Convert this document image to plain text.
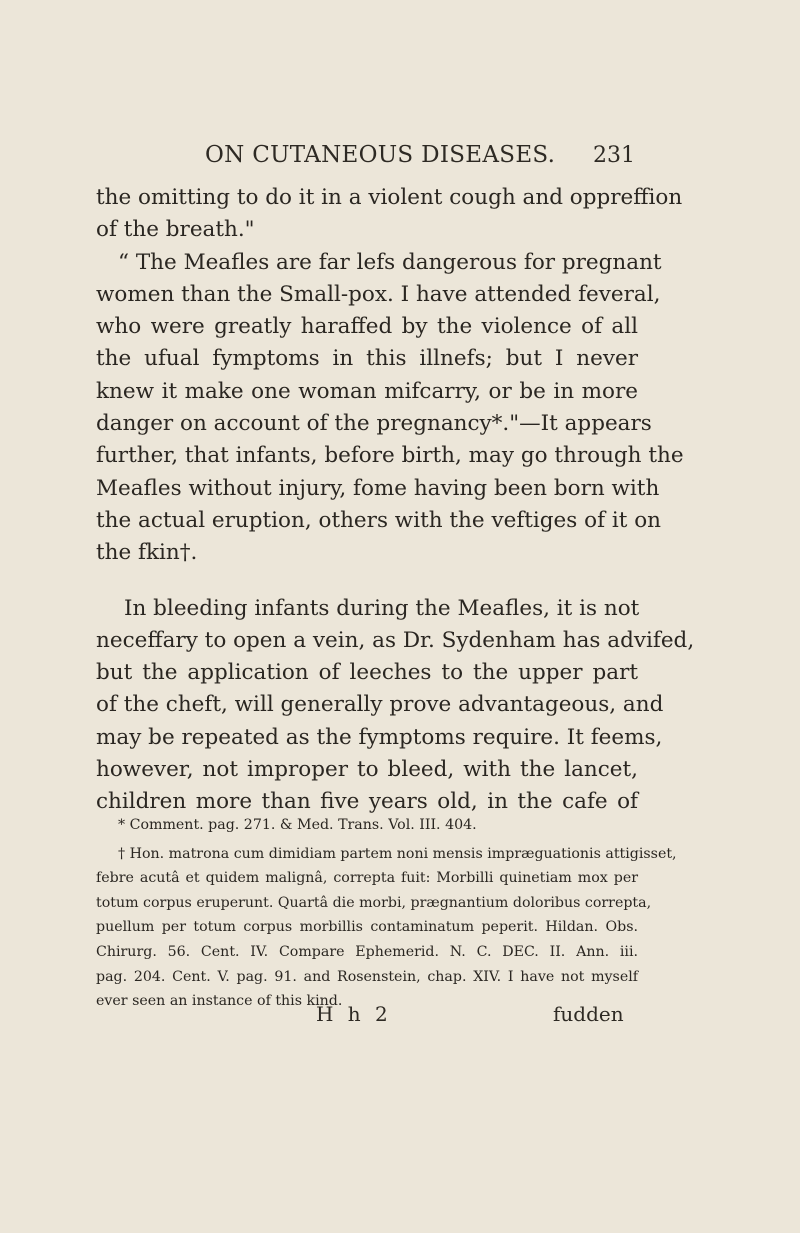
ON CUTANEOUS DISEASES. 231
the omitting to do it in a violent cough and oppreffion
of the breath."
“ The Meafles are far lefs dangerous for pregnant
women than the Small-pox. I have attended feveral,
who were greatly haraffed by the violence of all
the ufual fymptoms in this illnefs; but I never
knew it make one woman mifcarry, or be in more
danger on account of the pregnancy*."—It appears
further, that infants, before birth, may go through the
Meafles without injury, fome having been born with
the actual eruption, others with the veftiges of it on
the fkin†.
In bleeding infants during the Meafles, it is not
neceffary to open a vein, as Dr. Sydenham has advifed,
but the application of leeches to the upper part
of the cheft, will generally prove advantageous, and
may be repeated as the fymptoms require. It feems,
however, not improper to bleed, with the lancet,
children more than five years old, in the cafe of
* Comment. pag. 271. & Med. Trans. Vol. III. 404.
† Hon. matrona cum dimidiam partem noni mensis impræguationis attigisset,
febre acutâ et quidem malignâ, correpta fuit: Morbilli quinetiam mox per
totum corpus eruperunt. Quartâ die morbi, prægnantium doloribus correpta,
puellum per totum corpus morbillis contaminatum peperit. Hildan. Obs.
Chirurg. 56. Cent. IV. Compare Ephemerid. N. C. DEC. II. Ann. iii.
pag. 204. Cent. V. pag. 91. and Rosenstein, chap. XIV. I have not myself
ever seen an instance of this kind.
H h 2	fudden
